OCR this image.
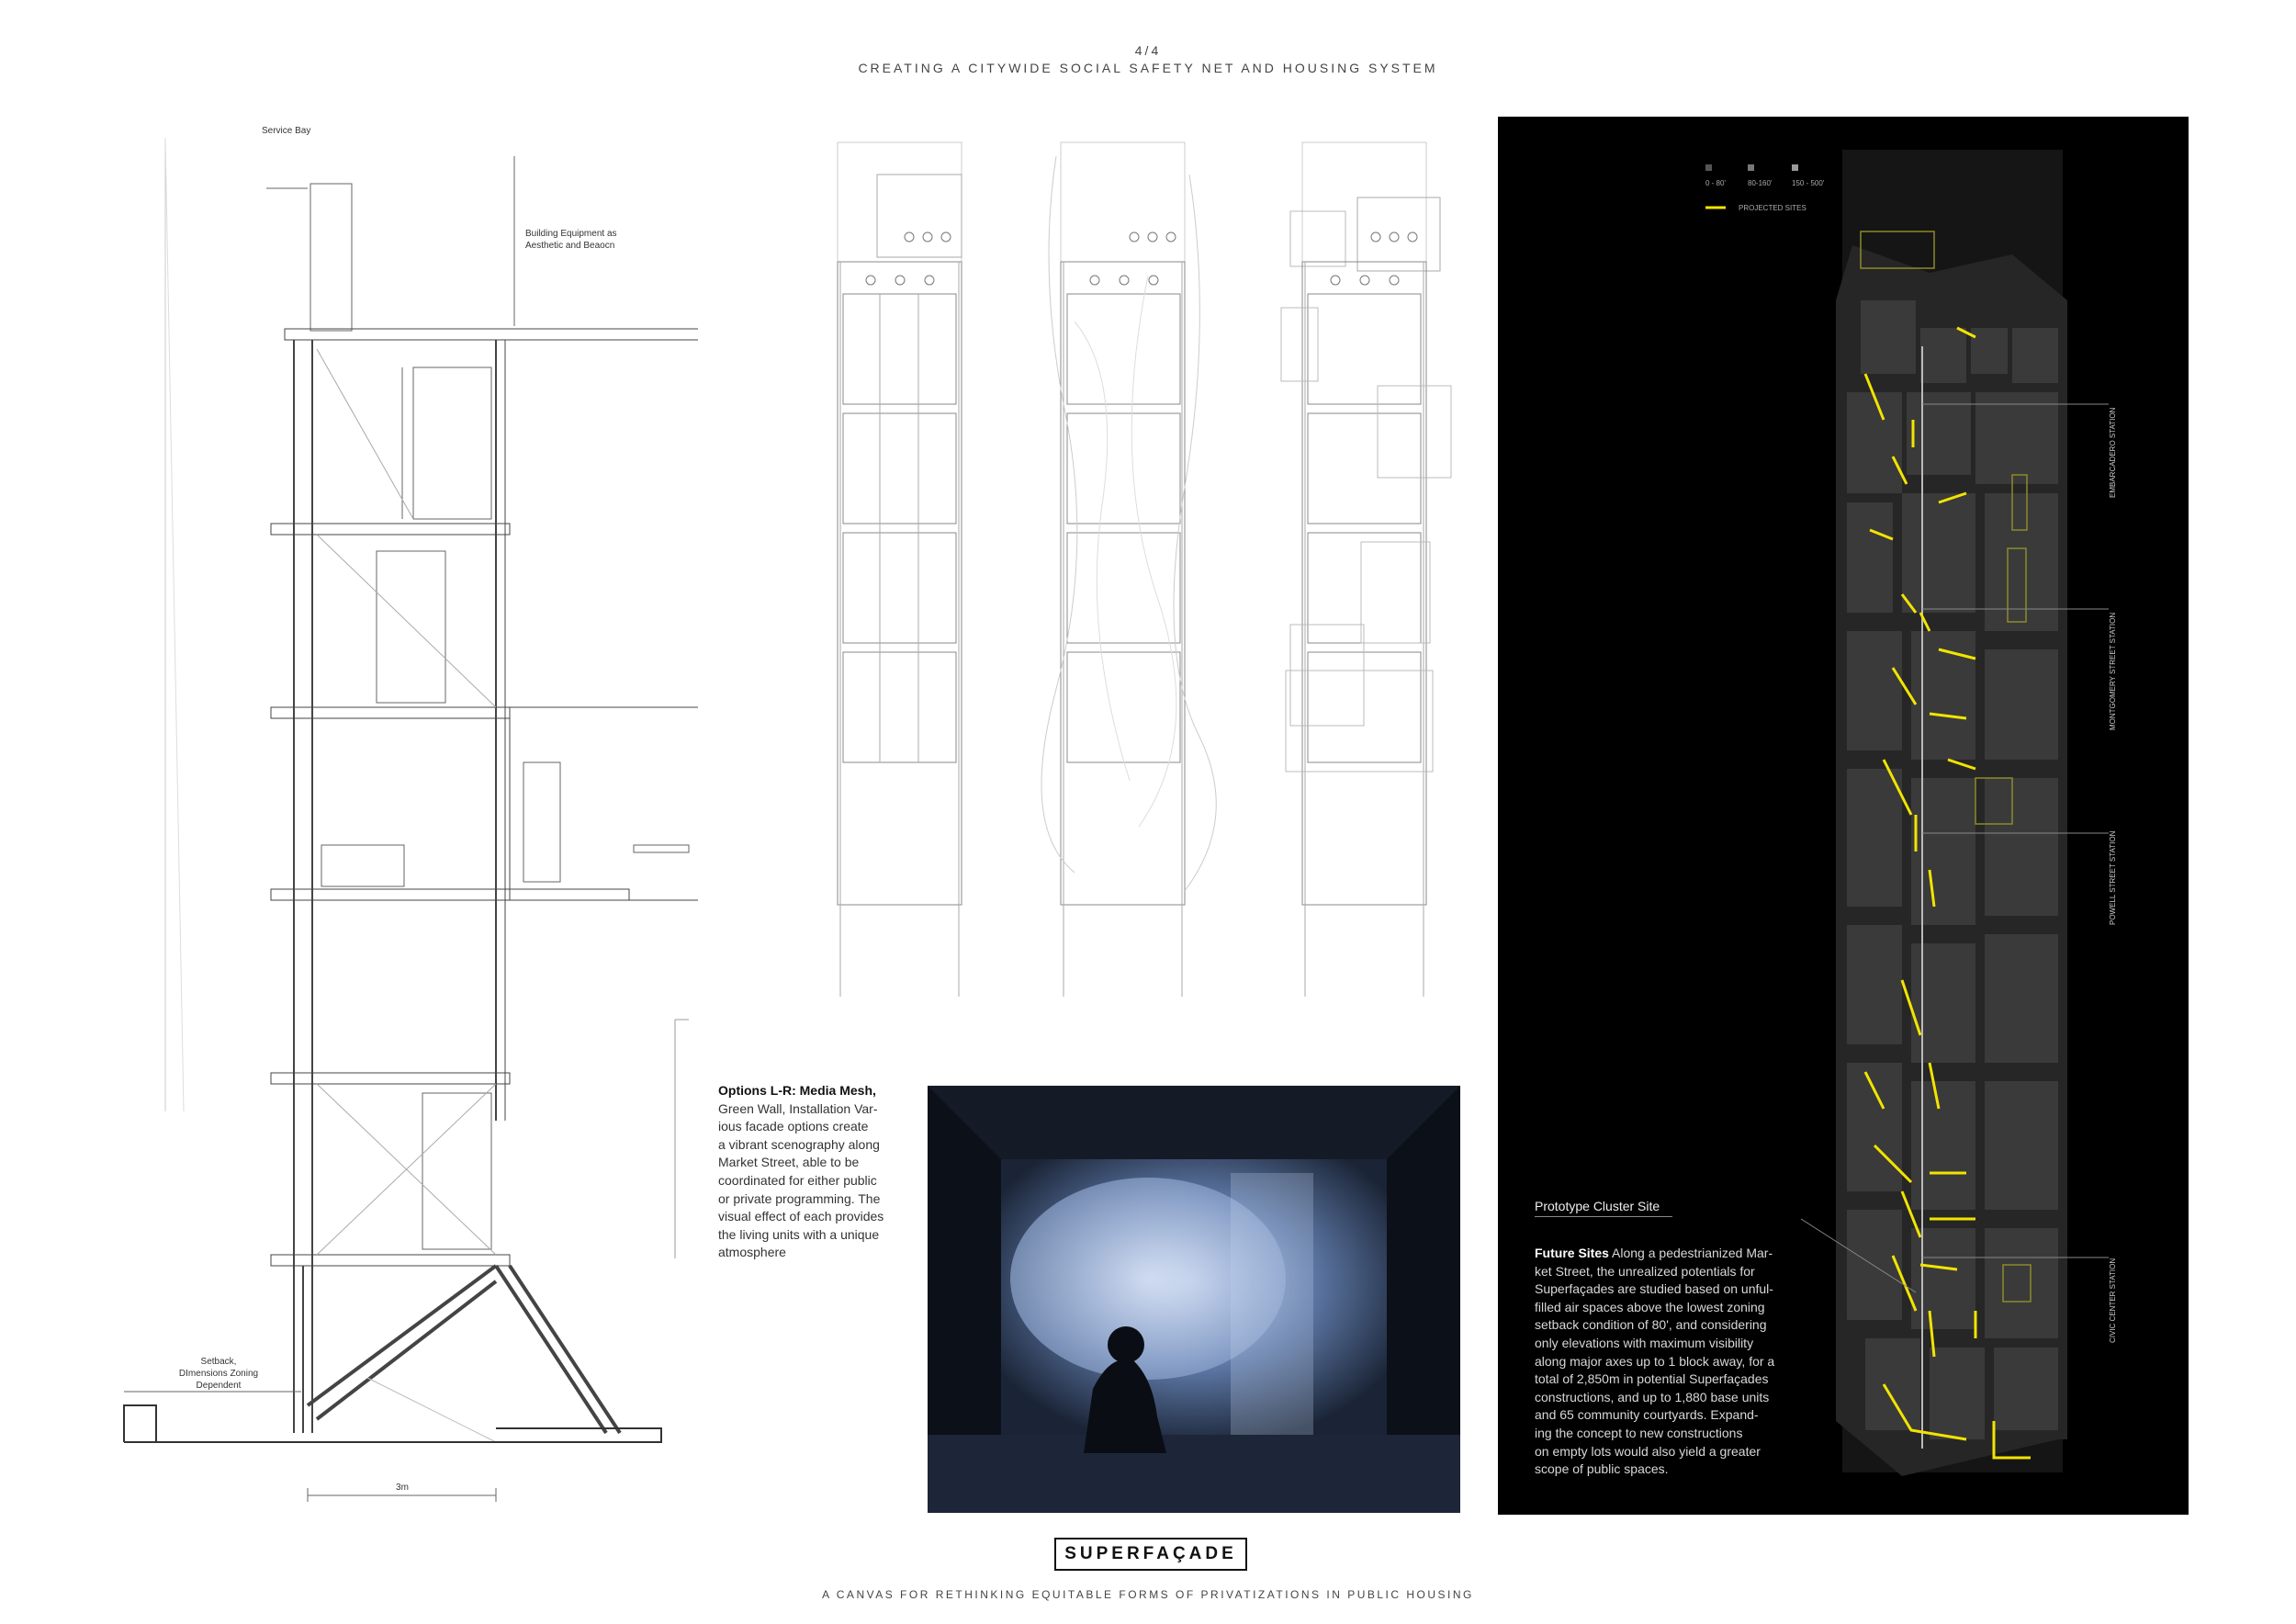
4/4
CREATING A CITYWIDE SOCIAL SAFETY NET AND HOUSING SYSTEM
Service Bay
Building Equipment as
Aesthetic and Beaocn
Setback,
DImensions Zoning
Dependent
3m
Options L-R: Media Mesh,
Green Wall, Installation Var-
ious facade options create
a vibrant scenography along
Market Street, able to be
coordinated for either public
or private programming. The
visual effect of each provides
the living units with a unique
atmosphere
0 - 80'	80-160'	150 - 500'
PROJECTED SITES
EMBARCADERO STATION
MONTGOMERY STREET STATION
POWELL STREET STATION
CIVIC CENTER STATION
Prototype Cluster Site
Future Sites Along a pedestrianized Mar-
ket Street, the unrealized potentials for
Superfaçades are studied based on unful-
filled air spaces above the lowest zoning
setback condition of 80', and considering
only elevations with maximum visibility
along major axes up to 1 block away, for a
total of 2,850m in potential Superfaçades
constructions, and up to 1,880 base units
and 65 community courtyards. Expand-
ing the concept to new constructions
on empty lots would also yield a greater
scope of public spaces.
SUPERFAÇADE
A CANVAS FOR RETHINKING EQUITABLE FORMS OF PRIVATIZATIONS IN PUBLIC HOUSING
